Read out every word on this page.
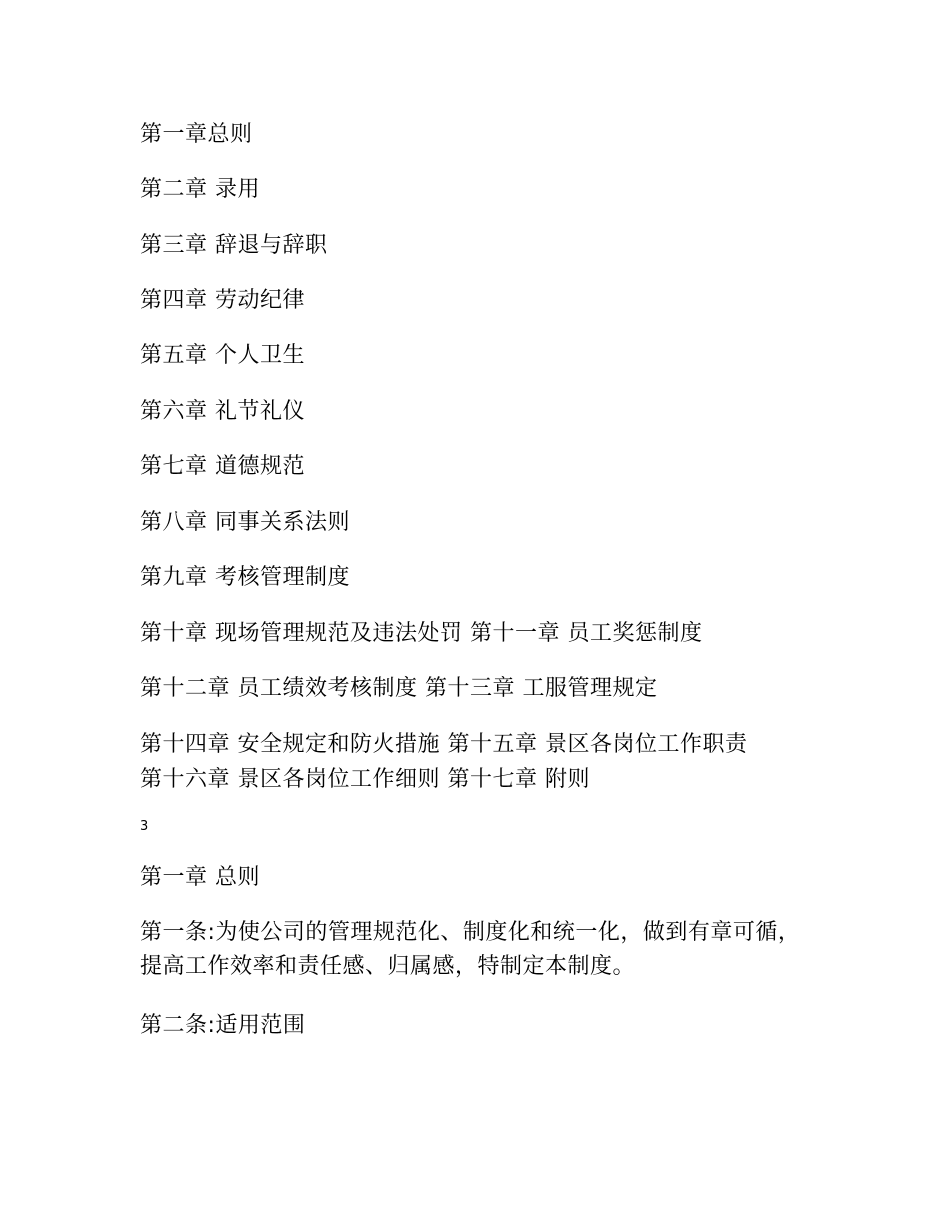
第一章总则
第二章 录用
第三章 辞退与辞职
第四章 劳动纪律
第五章 个人卫生
第六章 礼节礼仪
第七章 道德规范
第八章 同事关系法则
第九章 考核管理制度
第十章 现场管理规范及违法处罚 第十一章 员工奖惩制度
第十二章 员工绩效考核制度 第十三章 工服管理规定
第十四章 安全规定和防火措施 第十五章 景区各岗位工作职责
第十六章 景区各岗位工作细则 第十七章 附则
3
第一章 总则
第一条:为使公司的管理规范化、制度化和统一化，做到有章可循，提高工作效率和责任感、归属感，特制定本制度。
第二条:适用范围
